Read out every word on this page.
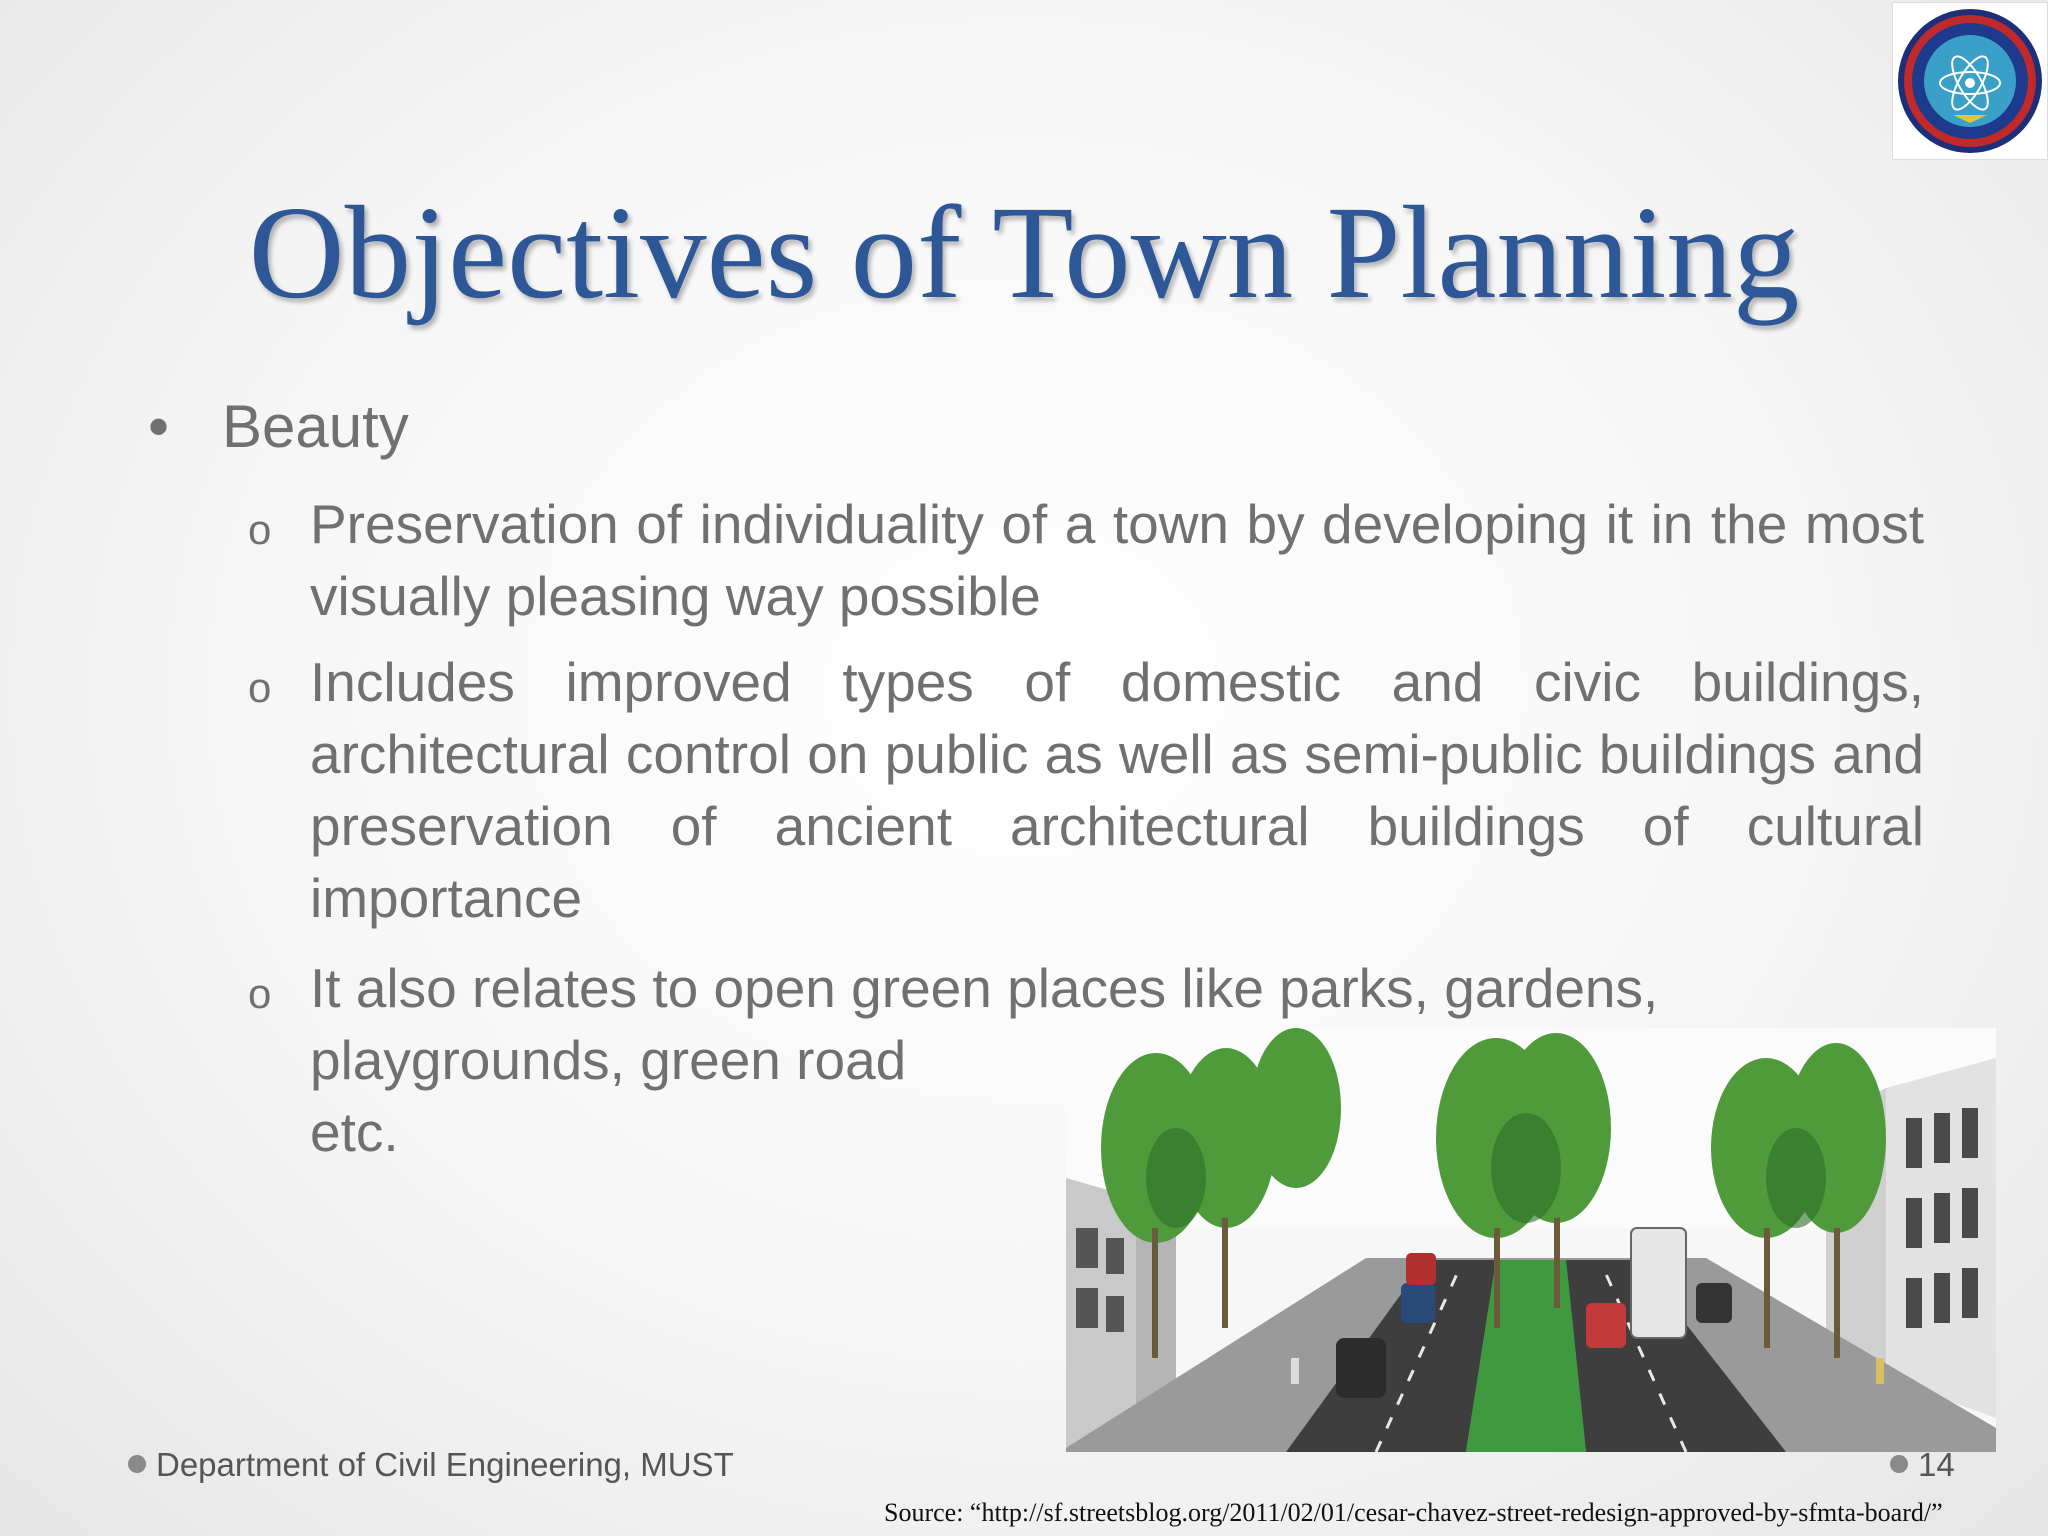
Objectives of Town Planning
• Beauty
o Preservation of individuality of a town by developing it in the most visually pleasing way possible
o Includes improved types of domestic and civic buildings, architectural control on public as well as semi-public buildings and preservation of ancient architectural buildings of cultural importance
o It also relates to open green places like parks, gardens,
playgrounds, green road
etc.
Department of Civil Engineering, MUST	14
Source: “http://sf.streetsblog.org/2011/02/01/cesar-chavez-street-redesign-approved-by-sfmta-board/”
